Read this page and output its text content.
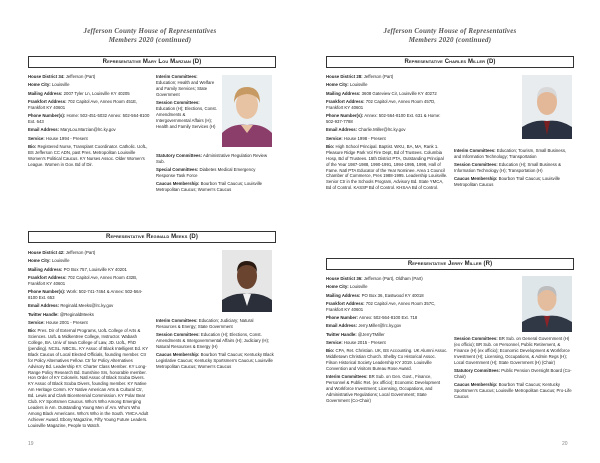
Jefferson County House of Representatives
Members 2020 (continued)
Representative Mary Lou Marzian (D)

House District 34: Jefferson (Part)

Home City: Louisville

Mailing Address: 2007 Tyler Ln, Louisville KY 40205

Frankfort Address: 702 Capitol Ave, Annex Room 451E, Frankfort KY 40601

Phone Number(s): Home: 502-451-5032 Annex: 502-564-8100 Ext. 643

Email Address: MaryLou.Marzian@lrc.ky.gov

Service: House 1994 - Present

Bio: Registered Nurse, Transplant Coordinator. Catholic. UofL, BS Jefferson CC ADN, past Pres. Metropolitan Louisville Women's Political Caucus. KY Nurses Assoc. Older Women's League. Women in Gov. Bd of Dir.

Interim Committees: Education; Health and Welfare and Family Services; State Government

Session Committees: Education (H); Elections, Const. Amendments & Intergovernmental Affairs (H); Health and Family Services (H)

Statutory Committees: Administrative Regulation Review Sub.

Special Committees: Diabetes Medical Emergency Response Task Force

Caucus Membership: Bourbon Trail Caucus; Louisville Metropolitan Caucus; Women's Caucus

Representative Reginald Meeks (D)

House District 42: Jefferson (Part)

Home City: Louisville

Mailing Address: PO Box 757, Louisville KY 40201

Frankfort Address: 702 Capitol Ave, Annex Room 432B, Frankfort KY 40601

Phone Number(s): Work: 502-741-7464 & Annex: 502-564-8100 Ext. 653

Email Address: Reginald.Meeks@lrc.ky.gov

Twitter Handle: @ReginaldMeeks

Service: House 2001 - Present

Bio: Pres. Dir of External Programs, UofL College of Arts & Sciences. UofL & Midkentree College, Instructor. Wabash College, BA. Univ of Iowa College of Law, JD. UofL, PhD (pending). NCSL. NBCSL. KY Assoc of Black Intelligent Ed. KY Black Caucus of Local Elected Officials, founding member. Ctr for Policy Alternatives Fellow. Ctr for Policy Alternatives Advisory Bd. Leadership KY. Charter Class Member. KY Long-Range Policy Research Bd. Sunshine Srs, honorable member. Hon Order of KY Colonels. Natl Assoc of Black Scuba Divers. KY Assoc of Black Scuba Divers, founding member. KY Native Am Heritage Comm. KY Native American Arts & Cultural Ctr, Bd. Lewis and Clark Bicentennial Commission. KY Polar Bear Club. KY Sportsmen Caucus. Who's Who Among Emerging Leaders in Am. Outstanding Young Men of Am. Who's Who Among Black Americans. Who's Who in the South. YMCA Adult Achiever Award. Ebony Magazine, Fifty Young Future Leaders. Louisville Magazine, People to Watch.

Interim Committees: Education; Judiciary; Natural Resources & Energy; State Government

Session Committees: Education (H); Elections, Const. Amendments & Intergovernmental Affairs (H); Judiciary (H); Natural Resources & Energy (H)

Caucus Membership: Bourbon Trail Caucus; Kentucky Black Legislative Caucus; Kentucky Sportsmen's Caucus; Louisville Metropolitan Caucus; Women's Caucus

19
Jefferson County House of Representatives
Members 2020 (continued)
Representative Charles Miller (D)

House District 28: Jefferson (Part)

Home City: Louisville

Mailing Address: 3608 Gateview Cir, Louisville KY 40272

Frankfort Address: 702 Capitol Ave, Annex Room 457D, Frankfort KY 40601

Phone Number(s): Annex: 502-564-8100 Ext. 631 & Home: 502-937-7788

Email Address: Charlie.Miller@lrc.ky.gov

Service: House 1998 - Present

Bio: High School Principal. Baptist. WKU, BA, MA, Rank 1. Pleasure Ridge Park Vol Fire Dept, Bd of Trustees. Columbia Hosp, Bd of Trustees. 15th District PTA, Outstanding Principal of the Year 1987-1988, 1990-1991, 1994-1995, 1998, Hall of Fame. Natl PTA Educator of the Year Nominee. Area 1 Council Chamber of Commerce, Pres 1988-1995. Leadership Louisville. Senior Ctr in the Schools Program, Advisory Bd. State YMCA, Bd of Control. KASSP Bd of Control. KHSAA Bd of Control.

Interim Committees: Education; Tourism, Small Business, and Information Technology; Transportation

Session Committees: Education (H); Small Business & Information Technology (H); Transportation (H)

Caucus Membership: Bourbon Trail Caucus; Louisville Metropolitan Caucus

Representative Jerry Miller (R)

House District 36: Jefferson (Part), Oldham (Part)

Home City: Louisville

Mailing Address: PO Box 36, Eastwood KY 40018

Frankfort Address: 702 Capitol Ave, Annex Room 357C, Frankfort KY 40601

Phone Number: Annex: 502-564-8100 Ext. 718

Email Address: Jerry.Miller@lrc.ky.gov

Twitter Handle: @JerryTMiller

Service: House 2015 - Present

Bio: CPA, Ret. Christian. UK, BS Accounting. UK Alumni Assoc. Middletown Christian Church. Shelby Co Historical Assoc. Filson Historical Society Leadership KY 2019. Louisville Convention and Visitors Bureau Rose Award.

Interim Committees: BR Sub. on Gen. Govt., Finance, Personnel & Public Ret. (ex officio); Economic Development and Workforce Investment; Licensing, Occupations, and Administrative Regulations; Local Government; State Government (Co-Chair)

Session Committees: BR Sub. on General Government (H) (ex officio); BR Sub. on Personnel, Public Retirement, & Finance (H) (ex officio); Economic Development & Workforce Investment (H); Licensing, Occupations, & Admin Regs (H); Local Government (H); State Government (H) (Chair)

Statutory Committees: Public Pension Oversight Board (Co-Chair)

Caucus Membership: Bourbon Trail Caucus; Kentucky Sportsmen's Caucus; Louisville Metropolitan Caucus; Pro-Life Caucus

20
